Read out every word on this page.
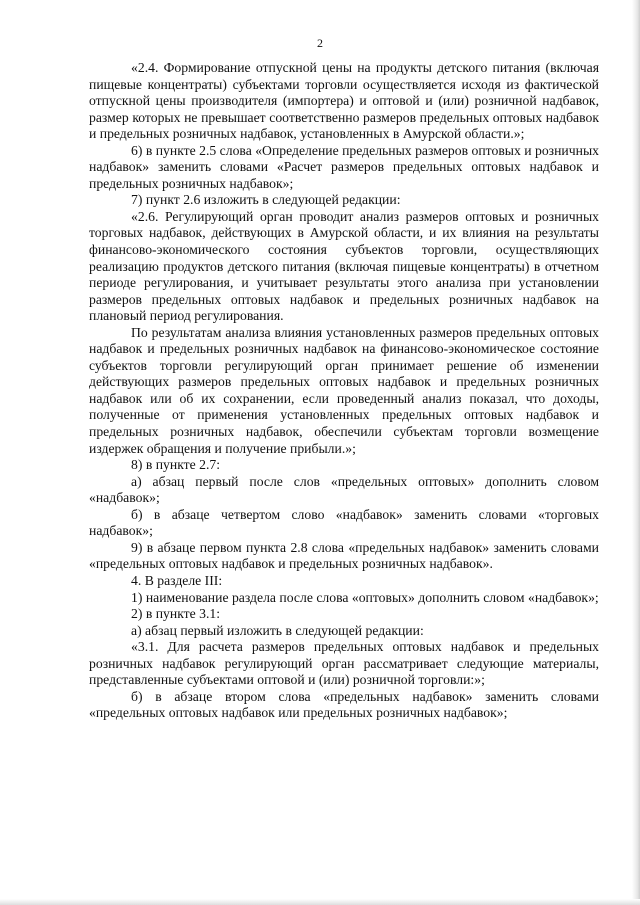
2

«2.4. Формирование отпускной цены на продукты детского питания (включая пищевые концентраты) субъектами торговли осуществляется исходя из фактической отпускной цены производителя (импортера) и оптовой и (или) розничной надбавок, размер которых не превышает соответственно размеров предельных оптовых надбавок и предельных розничных надбавок, установленных в Амурской области.»;

6) в пункте 2.5 слова «Определение предельных размеров оптовых и розничных надбавок» заменить словами «Расчет размеров предельных оптовых надбавок и предельных розничных надбавок»;

7) пункт 2.6 изложить в следующей редакции:

«2.6. Регулирующий орган проводит анализ размеров оптовых и розничных торговых надбавок, действующих в Амурской области, и их влияния на результаты финансово-экономического состояния субъектов торговли, осуществляющих реализацию продуктов детского питания (включая пищевые концентраты) в отчетном периоде регулирования, и учитывает результаты этого анализа при установлении размеров предельных оптовых надбавок и предельных розничных надбавок на плановый период регулирования.

По результатам анализа влияния установленных размеров предельных оптовых надбавок и предельных розничных надбавок на финансово-экономическое состояние субъектов торговли регулирующий орган принимает решение об изменении действующих размеров предельных оптовых надбавок и предельных розничных надбавок или об их сохранении, если проведенный анализ показал, что доходы, полученные от применения установленных предельных оптовых надбавок и предельных розничных надбавок, обеспечили субъектам торговли возмещение издержек обращения и получение прибыли.»;

8) в пункте 2.7:

а) абзац первый после слов «предельных оптовых» дополнить словом «надбавок»;

б) в абзаце четвертом слово «надбавок» заменить словами «торговых надбавок»;

9) в абзаце первом пункта 2.8 слова «предельных надбавок» заменить словами «предельных оптовых надбавок и предельных розничных надбавок».

4. В разделе III:

1) наименование раздела после слова «оптовых» дополнить словом «надбавок»;

2) в пункте 3.1:

а) абзац первый изложить в следующей редакции:

«3.1. Для расчета размеров предельных оптовых надбавок и предельных розничных надбавок регулирующий орган рассматривает следующие материалы, представленные субъектами оптовой и (или) розничной торговли:»;

б) в абзаце втором слова «предельных надбавок» заменить словами «предельных оптовых надбавок или предельных розничных надбавок»;
